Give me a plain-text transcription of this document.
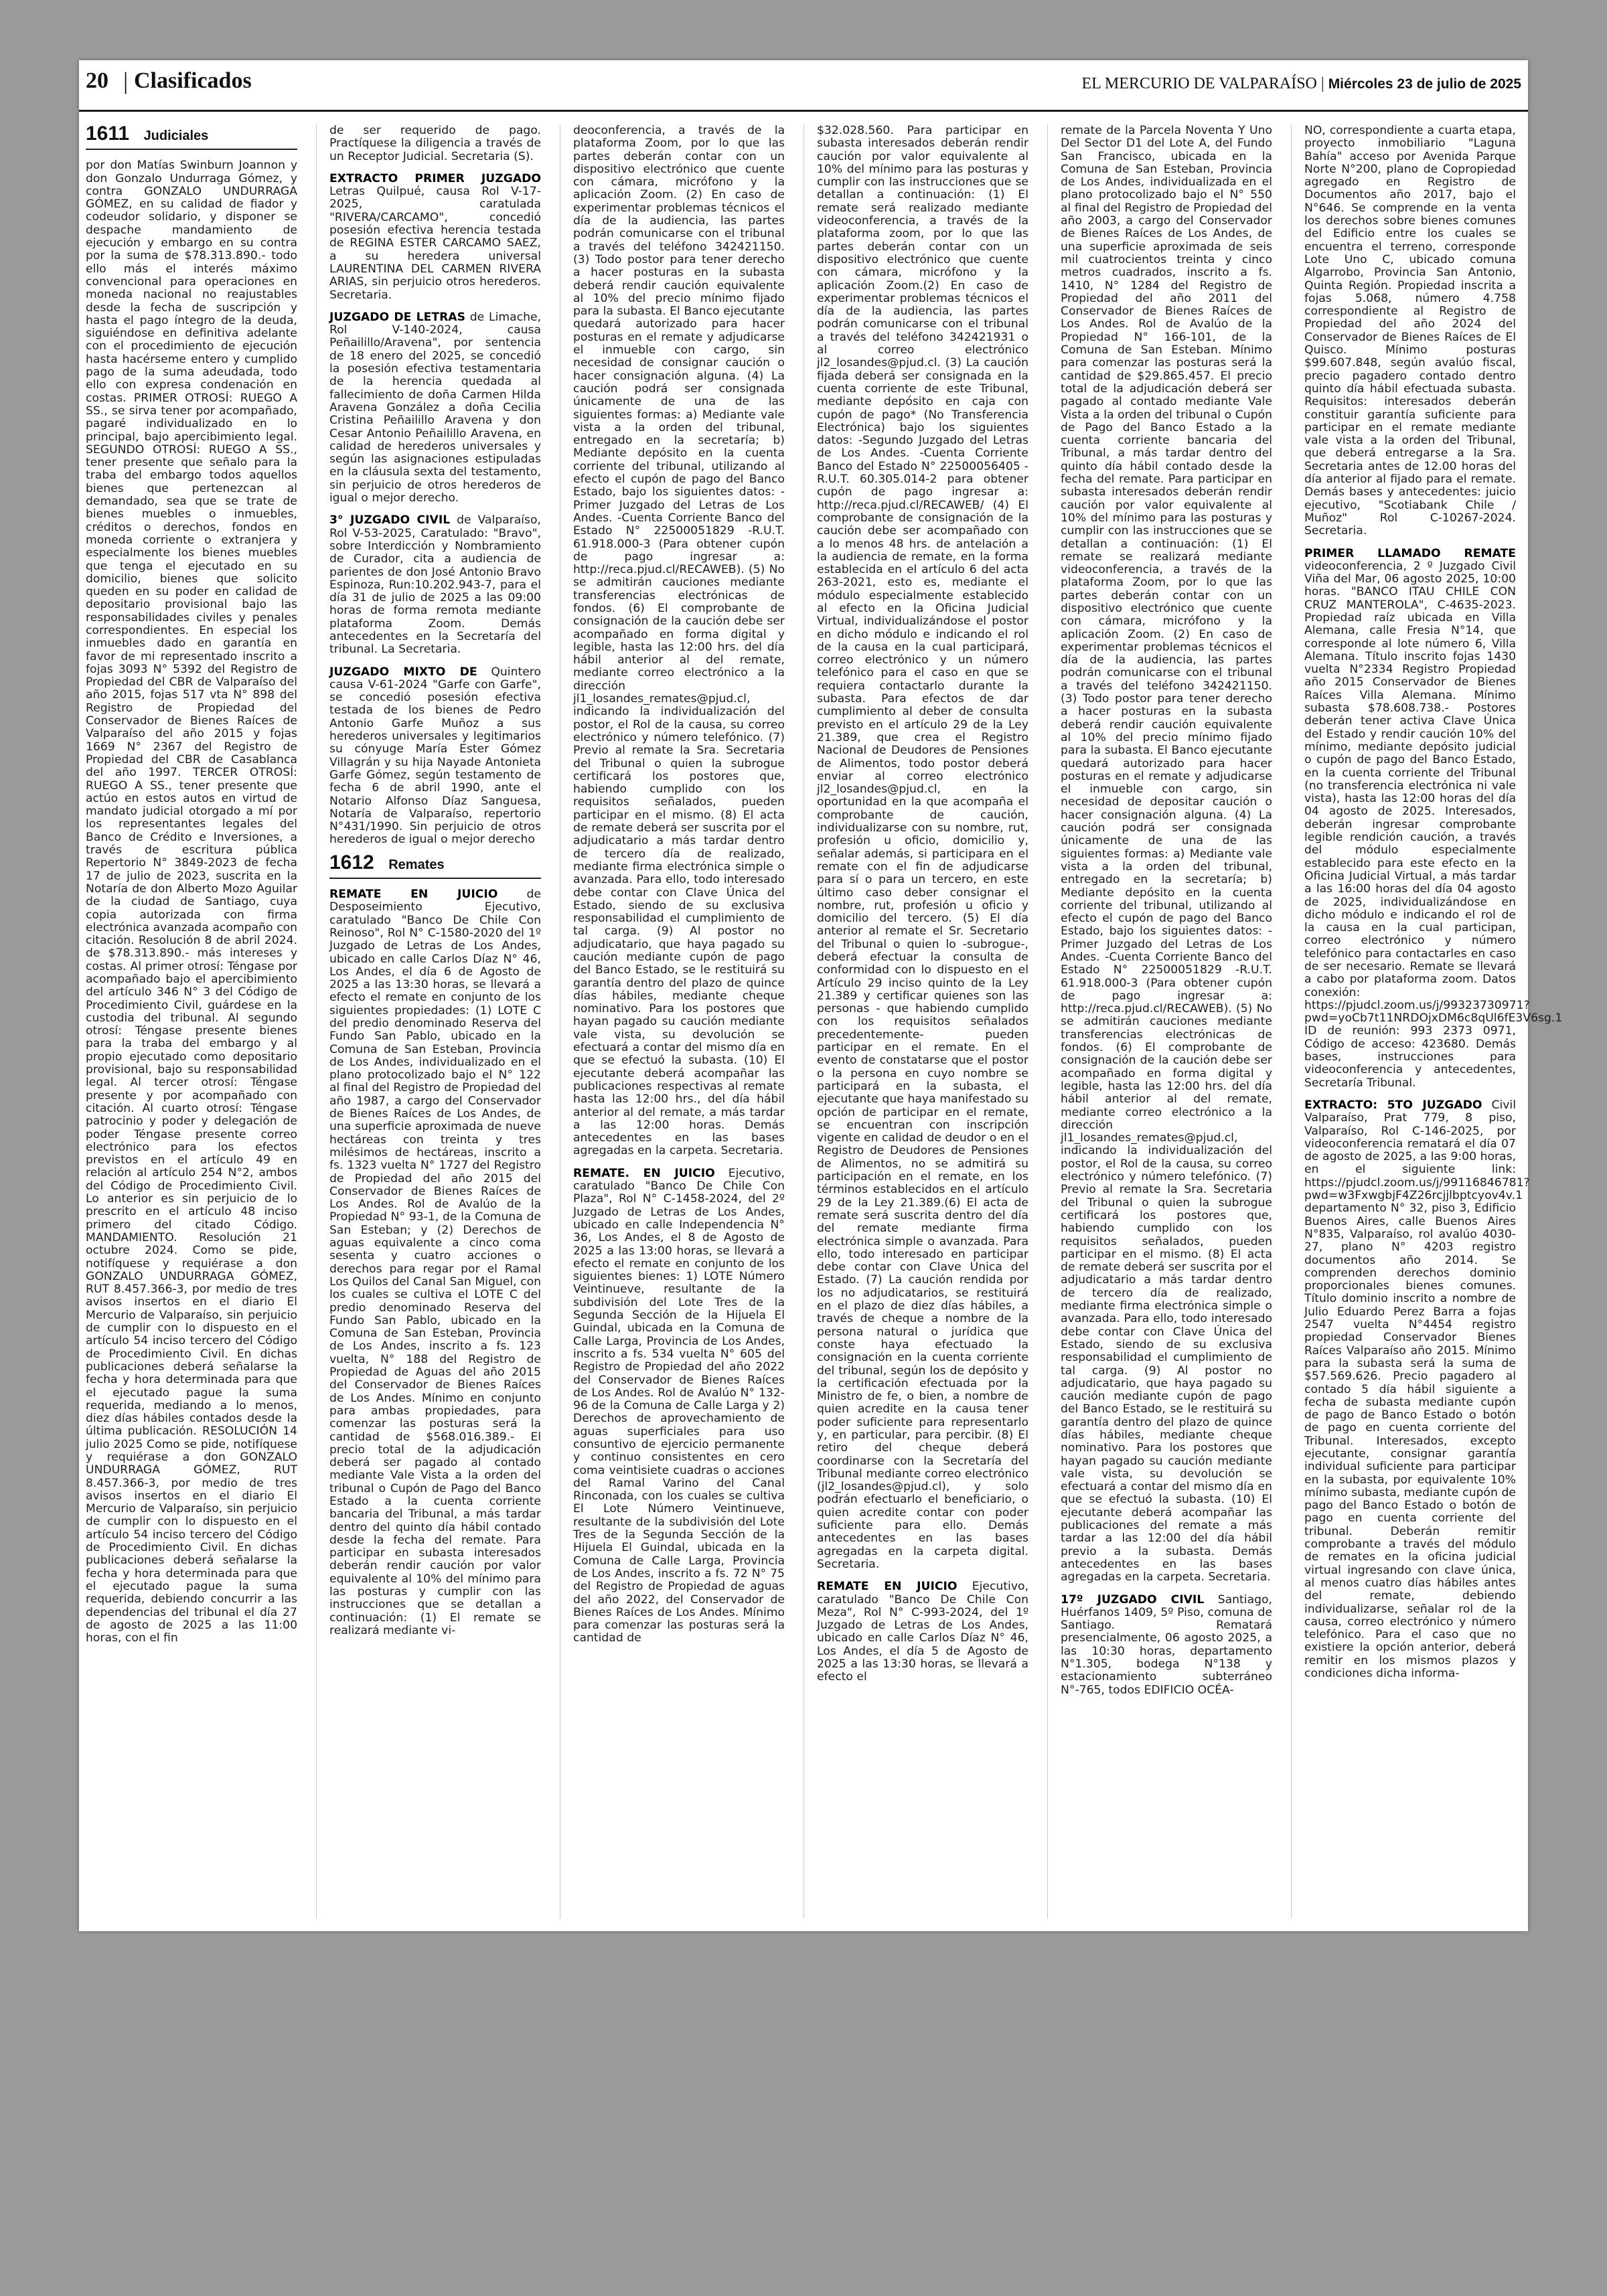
20 | Clasificados	EL MERCURIO DE VALPARAÍSO | Miércoles 23 de julio de 2025
1611 Judiciales

por don Matías Swinburn Joannon y don Gonzalo Undurraga Gómez, y contra GONZALO UNDURRAGA GÓMEZ, en su calidad de fiador y codeudor solidario, y disponer se despache mandamiento de ejecución y embargo en su contra por la suma de $78.313.890.- todo ello más el interés máximo convencional para operaciones en moneda nacional no reajustables desde la fecha de suscripción y hasta el pago íntegro de la deuda, siguiéndose en definitiva adelante con el procedimiento de ejecución hasta hacérseme entero y cumplido pago de la suma adeudada, todo ello con expresa condenación en costas. PRIMER OTROSÍ: RUEGO A SS., se sirva tener por acompañado, pagaré individualizado en lo principal, bajo apercibimiento legal. SEGUNDO OTROSÍ: RUEGO A SS., tener presente que señalo para la traba del embargo todos aquellos bienes que pertenezcan al demandado, sea que se trate de bienes muebles o inmuebles, créditos o derechos, fondos en moneda corriente o extranjera y especialmente los bienes muebles que tenga el ejecutado en su domicilio, bienes que solicito queden en su poder en calidad de depositario provisional bajo las responsabilidades civiles y penales correspondientes. En especial los inmuebles dado en garantía en favor de mi representado inscrito a fojas 3093 N° 5392 del Registro de Propiedad del CBR de Valparaíso del año 2015, fojas 517 vta N° 898 del Registro de Propiedad del Conservador de Bienes Raíces de Valparaíso del año 2015 y fojas 1669 N° 2367 del Registro de Propiedad del CBR de Casablanca del año 1997. TERCER OTROSÍ: RUEGO A SS., tener presente que actúo en estos autos en virtud de mandato judicial otorgado a mí por los representantes legales del Banco de Crédito e Inversiones, a través de escritura pública Repertorio N° 3849-2023 de fecha 17 de julio de 2023, suscrita en la Notaría de don Alberto Mozo Aguilar de la ciudad de Santiago, cuya copia autorizada con firma electrónica avanzada acompaño con citación. Resolución 8 de abril 2024. de $78.313.890.- más intereses y costas. Al primer otrosí: Téngase por acompañado bajo el apercibimiento del artículo 346 N° 3 del Código de Procedimiento Civil, guárdese en la custodia del tribunal. Al segundo otrosí: Téngase presente bienes para la traba del embargo y al propio ejecutado como depositario provisional, bajo su responsabilidad legal. Al tercer otrosí: Téngase presente y por acompañado con citación. Al cuarto otrosí: Téngase patrocinio y poder y delegación de poder Téngase presente correo electrónico para los efectos previstos en el artículo 49 en relación al artículo 254 N°2, ambos del Código de Procedimiento Civil. Lo anterior es sin perjuicio de lo prescrito en el artículo 48 inciso primero del citado Código. MANDAMIENTO. Resolución 21 octubre 2024. Como se pide, notifíquese y requiérase a don GONZALO UNDURRAGA GÓMEZ, RUT 8.457.366-3, por medio de tres avisos insertos en el diario El Mercurio de Valparaíso, sin perjuicio de cumplir con lo dispuesto en el artículo 54 inciso tercero del Código de Procedimiento Civil. En dichas publicaciones deberá señalarse la fecha y hora determinada para que el ejecutado pague la suma requerida, mediando a lo menos, diez días hábiles contados desde la última publicación. RESOLUCIÓN 14 julio 2025 Como se pide, notifíquese y requiérase a don GONZALO UNDURRAGA GÓMEZ, RUT 8.457.366-3, por medio de tres avisos insertos en el diario El Mercurio de Valparaíso, sin perjuicio de cumplir con lo dispuesto en el artículo 54 inciso tercero del Código de Procedimiento Civil. En dichas publicaciones deberá señalarse la fecha y hora determinada para que el ejecutado pague la suma requerida, debiendo concurrir a las dependencias del tribunal el día 27 de agosto de 2025 a las 11:00 horas, con el fin

de ser requerido de pago. Practíquese la diligencia a través de un Receptor Judicial. Secretaria (S).

EXTRACTO PRIMER JUZGADO Letras Quilpué, causa Rol V-17-2025, caratulada "RIVERA/CARCAMO", concedió posesión efectiva herencia testada de REGINA ESTER CARCAMO SAEZ, a su heredera universal LAURENTINA DEL CARMEN RIVERA ARIAS, sin perjuicio otros herederos. Secretaria.

JUZGADO DE LETRAS de Limache, Rol V-140-2024, causa Peñailillo/Aravena", por sentencia de 18 enero del 2025, se concedió la posesión efectiva testamentaria de la herencia quedada al fallecimiento de doña Carmen Hilda Aravena González a doña Cecilia Cristina Peñailillo Aravena y don Cesar Antonio Peñailillo Aravena, en calidad de herederos universales y según las asignaciones estipuladas en la cláusula sexta del testamento, sin perjuicio de otros herederos de igual o mejor derecho.

3° JUZGADO CIVIL de Valparaíso, Rol V-53-2025, Caratulado: "Bravo", sobre Interdicción y Nombramiento de Curador, cita a audiencia de parientes de don José Antonio Bravo Espinoza, Run:10.202.943-7, para el día 31 de julio de 2025 a las 09:00 horas de forma remota mediante plataforma Zoom. Demás antecedentes en la Secretaría del tribunal. La Secretaria.

JUZGADO MIXTO DE Quintero causa V-61-2024 "Garfe con Garfe", se concedió posesión efectiva testada de los bienes de Pedro Antonio Garfe Muñoz a sus herederos universales y legitimarios su cónyuge María Ester Gómez Villagrán y su hija Nayade Antonieta Garfe Gómez, según testamento de fecha 6 de abril 1990, ante el Notario Alfonso Díaz Sanguesa, Notaría de Valparaíso, repertorio N°431/1990. Sin perjuicio de otros herederos de igual o mejor derecho

1612 Remates

REMATE EN JUICIO de Desposeimiento Ejecutivo, caratulado "Banco De Chile Con Reinoso", Rol N° C-1580-2020 del 1º Juzgado de Letras de Los Andes, ubicado en calle Carlos Díaz N° 46, Los Andes, el día 6 de Agosto de 2025 a las 13:30 horas, se llevará a efecto el remate en conjunto de los siguientes propiedades: (1) LOTE C del predio denominado Reserva del Fundo San Pablo, ubicado en la Comuna de San Esteban, Provincia de Los Andes, individualizado en el plano protocolizado bajo el N° 122 al final del Registro de Propiedad del año 1987, a cargo del Conservador de Bienes Raíces de Los Andes, de una superficie aproximada de nueve hectáreas con treinta y tres milésimos de hectáreas, inscrito a fs. 1323 vuelta N° 1727 del Registro de Propiedad del año 2015 del Conservador de Bienes Raíces de Los Andes. Rol de Avalúo de la Propiedad N° 93-1, de la Comuna de San Esteban; y (2) Derechos de aguas equivalente a cinco coma sesenta y cuatro acciones o derechos para regar por el Ramal Los Quilos del Canal San Miguel, con los cuales se cultiva el LOTE C del predio denominado Reserva del Fundo San Pablo, ubicado en la Comuna de San Esteban, Provincia de Los Andes, inscrito a fs. 123 vuelta, N° 188 del Registro de Propiedad de Aguas del año 2015 del Conservador de Bienes Raíces de Los Andes. Mínimo en conjunto para ambas propiedades, para comenzar las posturas será la cantidad de $568.016.389.- El precio total de la adjudicación deberá ser pagado al contado mediante Vale Vista a la orden del tribunal o Cupón de Pago del Banco Estado a la cuenta corriente bancaria del Tribunal, a más tardar dentro del quinto día hábil contado desde la fecha del remate. Para participar en subasta interesados deberán rendir caución por valor equivalente al 10% del mínimo para las posturas y cumplir con las instrucciones que se detallan a continuación: (1) El remate se realizará mediante vi-

deoconferencia, a través de la plataforma Zoom, por lo que las partes deberán contar con un dispositivo electrónico que cuente con cámara, micrófono y la aplicación Zoom. (2) En caso de experimentar problemas técnicos el día de la audiencia, las partes podrán comunicarse con el tribunal a través del teléfono 342421150. (3) Todo postor para tener derecho a hacer posturas en la subasta deberá rendir caución equivalente al 10% del precio mínimo fijado para la subasta. El Banco ejecutante quedará autorizado para hacer posturas en el remate y adjudicarse el inmueble con cargo, sin necesidad de consignar caución o hacer consignación alguna. (4) La caución podrá ser consignada únicamente de una de las siguientes formas: a) Mediante vale vista a la orden del tribunal, entregado en la secretaría; b) Mediante depósito en la cuenta corriente del tribunal, utilizando al efecto el cupón de pago del Banco Estado, bajo los siguientes datos: -Primer Juzgado del Letras de Los Andes. -Cuenta Corriente Banco del Estado N° 22500051829 -R.U.T. 61.918.000-3 (Para obtener cupón de pago ingresar a: http://reca.pjud.cl/RECAWEB). (5) No se admitirán cauciones mediante transferencias electrónicas de fondos. (6) El comprobante de consignación de la caución debe ser acompañado en forma digital y legible, hasta las 12:00 hrs. del día hábil anterior al del remate, mediante correo electrónico a la dirección jl1_losandes_remates@pjud.cl, indicando la individualización del postor, el Rol de la causa, su correo electrónico y número telefónico. (7) Previo al remate la Sra. Secretaria del Tribunal o quien la subrogue certificará los postores que, habiendo cumplido con los requisitos señalados, pueden participar en el mismo. (8) El acta de remate deberá ser suscrita por el adjudicatario a más tardar dentro de tercero día de realizado, mediante firma electrónica simple o avanzada. Para ello, todo interesado debe contar con Clave Única del Estado, siendo de su exclusiva responsabilidad el cumplimiento de tal carga. (9) Al postor no adjudicatario, que haya pagado su caución mediante cupón de pago del Banco Estado, se le restituirá su garantía dentro del plazo de quince días hábiles, mediante cheque nominativo. Para los postores que hayan pagado su caución mediante vale vista, su devolución se efectuará a contar del mismo día en que se efectuó la subasta. (10) El ejecutante deberá acompañar las publicaciones respectivas al remate hasta las 12:00 hrs., del día hábil anterior al del remate, a más tardar a las 12:00 horas. Demás antecedentes en las bases agregadas en la carpeta. Secretaria.

REMATE. EN JUICIO Ejecutivo, caratulado "Banco De Chile Con Plaza", Rol N° C-1458-2024, del 2º Juzgado de Letras de Los Andes, ubicado en calle Independencia N° 36, Los Andes, el 8 de Agosto de 2025 a las 13:00 horas, se llevará a efecto el remate en conjunto de los siguientes bienes: 1) LOTE Número Veintinueve, resultante de la subdivisión del Lote Tres de la Segunda Sección de la Hijuela El Guindal, ubicada en la Comuna de Calle Larga, Provincia de Los Andes, inscrito a fs. 534 vuelta N° 605 del Registro de Propiedad del año 2022 del Conservador de Bienes Raíces de Los Andes. Rol de Avalúo N° 132-96 de la Comuna de Calle Larga y 2) Derechos de aprovechamiento de aguas superficiales para uso consuntivo de ejercicio permanente y continuo consistentes en cero coma veintisiete cuadras o acciones del Ramal Varino del Canal Rinconada, con los cuales se cultiva El Lote Número Veintinueve, resultante de la subdivisión del Lote Tres de la Segunda Sección de la Hijuela El Guindal, ubicada en la Comuna de Calle Larga, Provincia de Los Andes, inscrito a fs. 72 N° 75 del Registro de Propiedad de aguas del año 2022, del Conservador de Bienes Raíces de Los Andes. Mínimo para comenzar las posturas será la cantidad de

$32.028.560. Para participar en subasta interesados deberán rendir caución por valor equivalente al 10% del mínimo para las posturas y cumplir con las instrucciones que se detallan a continuación: (1) El remate será realizado mediante videoconferencia, a través de la plataforma zoom, por lo que las partes deberán contar con un dispositivo electrónico que cuente con cámara, micrófono y la aplicación Zoom.(2) En caso de experimentar problemas técnicos el día de la audiencia, las partes podrán comunicarse con el tribunal a través del teléfono 342421931 o al correo electrónico jl2_losandes@pjud.cl. (3) La caución fijada deberá ser consignada en la cuenta corriente de este Tribunal, mediante depósito en caja con cupón de pago* (No Transferencia Electrónica) bajo los siguientes datos: -Segundo Juzgado del Letras de Los Andes. -Cuenta Corriente Banco del Estado N° 22500056405 -R.U.T. 60.305.014-2 para obtener cupón de pago ingresar a: http://reca.pjud.cl/RECAWEB/ (4) El comprobante de consignación de la caución debe ser acompañado con a lo menos 48 hrs. de antelación a la audiencia de remate, en la forma establecida en el artículo 6 del acta 263-2021, esto es, mediante el módulo especialmente establecido al efecto en la Oficina Judicial Virtual, individualizándose el postor en dicho módulo e indicando el rol de la causa en la cual participará, correo electrónico y un número telefónico para el caso en que se requiera contactarlo durante la subasta. Para efectos de dar cumplimiento al deber de consulta previsto en el artículo 29 de la Ley 21.389, que crea el Registro Nacional de Deudores de Pensiones de Alimentos, todo postor deberá enviar al correo electrónico jl2_losandes@pjud.cl, en la oportunidad en la que acompaña el comprobante de caución, individualizarse con su nombre, rut, profesión u oficio, domicilio y, señalar además, si participara en el remate con el fin de adjudicarse para sí o para un tercero, en este último caso deber consignar el nombre, rut, profesión u oficio y domicilio del tercero. (5) El día anterior al remate el Sr. Secretario del Tribunal o quien lo -subrogue-, deberá efectuar la consulta de conformidad con lo dispuesto en el Artículo 29 inciso quinto de la Ley 21.389 y certificar quienes son las personas - que habiendo cumplido con los requisitos señalados precedentemente- pueden participar en el remate. En el evento de constatarse que el postor o la persona en cuyo nombre se participará en la subasta, el ejecutante que haya manifestado su opción de participar en el remate, se encuentran con inscripción vigente en calidad de deudor o en el Registro de Deudores de Pensiones de Alimentos, no se admitirá su participación en el remate, en los términos establecidos en el artículo 29 de la Ley 21.389.(6) El acta de remate será suscrita dentro del día del remate mediante firma electrónica simple o avanzada. Para ello, todo interesado en participar debe contar con Clave Única del Estado. (7) La caución rendida por los no adjudicatarios, se restituirá en el plazo de diez días hábiles, a través de cheque a nombre de la persona natural o jurídica que conste haya efectuado la consignación en la cuenta corriente del tribunal, según los de depósito y la certificación efectuada por la Ministro de fe, o bien, a nombre de quien acredite en la causa tener poder suficiente para representarlo y, en particular, para percibir. (8) El retiro del cheque deberá coordinarse con la Secretaría del Tribunal mediante correo electrónico (jl2_losandes@pjud.cl), y solo podrán efectuarlo el beneficiario, o quien acredite contar con poder suficiente para ello. Demás antecedentes en las bases agregadas en la carpeta digital. Secretaria.

REMATE EN JUICIO Ejecutivo, caratulado "Banco De Chile Con Meza", Rol N° C-993-2024, del 1º Juzgado de Letras de Los Andes, ubicado en calle Carlos Díaz N° 46, Los Andes, el día 5 de Agosto de 2025 a las 13:30 horas, se llevará a efecto el

remate de la Parcela Noventa Y Uno Del Sector D1 del Lote A, del Fundo San Francisco, ubicada en la Comuna de San Esteban, Provincia de Los Andes, individualizada en el plano protocolizado bajo el N° 550 al final del Registro de Propiedad del año 2003, a cargo del Conservador de Bienes Raíces de Los Andes, de una superficie aproximada de seis mil cuatrocientos treinta y cinco metros cuadrados, inscrito a fs. 1410, N° 1284 del Registro de Propiedad del año 2011 del Conservador de Bienes Raíces de Los Andes. Rol de Avalúo de la Propiedad N° 166-101, de la Comuna de San Esteban. Mínimo para comenzar las posturas será la cantidad de $29.865.457. El precio total de la adjudicación deberá ser pagado al contado mediante Vale Vista a la orden del tribunal o Cupón de Pago del Banco Estado a la cuenta corriente bancaria del Tribunal, a más tardar dentro del quinto día hábil contado desde la fecha del remate. Para participar en subasta interesados deberán rendir caución por valor equivalente al 10% del mínimo para las posturas y cumplir con las instrucciones que se detallan a continuación: (1) El remate se realizará mediante videoconferencia, a través de la plataforma Zoom, por lo que las partes deberán contar con un dispositivo electrónico que cuente con cámara, micrófono y la aplicación Zoom. (2) En caso de experimentar problemas técnicos el día de la audiencia, las partes podrán comunicarse con el tribunal a través del teléfono 342421150. (3) Todo postor para tener derecho a hacer posturas en la subasta deberá rendir caución equivalente al 10% del precio mínimo fijado para la subasta. El Banco ejecutante quedará autorizado para hacer posturas en el remate y adjudicarse el inmueble con cargo, sin necesidad de depositar caución o hacer consignación alguna. (4) La caución podrá ser consignada únicamente de una de las siguientes formas: a) Mediante vale vista a la orden del tribunal, entregado en la secretaría; b) Mediante depósito en la cuenta corriente del tribunal, utilizando al efecto el cupón de pago del Banco Estado, bajo los siguientes datos: -Primer Juzgado del Letras de Los Andes. -Cuenta Corriente Banco del Estado N° 22500051829 -R.U.T. 61.918.000-3 (Para obtener cupón de pago ingresar a: http://reca.pjud.cl/RECAWEB). (5) No se admitirán cauciones mediante transferencias electrónicas de fondos. (6) El comprobante de consignación de la caución debe ser acompañado en forma digital y legible, hasta las 12:00 hrs. del día hábil anterior al del remate, mediante correo electrónico a la dirección jl1_losandes_remates@pjud.cl, indicando la individualización del postor, el Rol de la causa, su correo electrónico y número telefónico. (7) Previo al remate la Sra. Secretaria del Tribunal o quien la subrogue certificará los postores que, habiendo cumplido con los requisitos señalados, pueden participar en el mismo. (8) El acta de remate deberá ser suscrita por el adjudicatario a más tardar dentro de tercero día de realizado, mediante firma electrónica simple o avanzada. Para ello, todo interesado debe contar con Clave Única del Estado, siendo de su exclusiva responsabilidad el cumplimiento de tal carga. (9) Al postor no adjudicatario, que haya pagado su caución mediante cupón de pago del Banco Estado, se le restituirá su garantía dentro del plazo de quince días hábiles, mediante cheque nominativo. Para los postores que hayan pagado su caución mediante vale vista, su devolución se efectuará a contar del mismo día en que se efectuó la subasta. (10) El ejecutante deberá acompañar las publicaciones del remate a más tardar a las 12:00 del día hábil previo a la subasta. Demás antecedentes en las bases agregadas en la carpeta. Secretaria.

17º JUZGADO CIVIL Santiago, Huérfanos 1409, 5º Piso, comuna de Santiago. Rematará presencialmente, 06 agosto 2025, a las 10:30 horas, departamento N°1.305, bodega N°138 y estacionamiento subterráneo N°-765, todos EDIFICIO OCÉA-

NO, correspondiente a cuarta etapa, proyecto inmobiliario "Laguna Bahía" acceso por Avenida Parque Norte N°200, plano de Copropiedad agregado en Registro de Documentos año 2017, bajo el N°646. Se comprende en la venta los derechos sobre bienes comunes del Edificio entre los cuales se encuentra el terreno, corresponde Lote Uno C, ubicado comuna Algarrobo, Provincia San Antonio, Quinta Región. Propiedad inscrita a fojas 5.068, número 4.758 correspondiente al Registro de Propiedad del año 2024 del Conservador de Bienes Raíces de El Quisco. Mínimo posturas $99.607.848, según avalúo fiscal, precio pagadero contado dentro quinto día hábil efectuada subasta. Requisitos: interesados deberán constituir garantía suficiente para participar en el remate mediante vale vista a la orden del Tribunal, que deberá entregarse a la Sra. Secretaria antes de 12.00 horas del día anterior al fijado para el remate. Demás bases y antecedentes: juicio ejecutivo, "Scotiabank Chile / Muñoz" Rol C-10267-2024. Secretaria.

PRIMER LLAMADO REMATE videoconferencia, 2 º Juzgado Civil Viña del Mar, 06 agosto 2025, 10:00 horas. "BANCO ITAU CHILE CON CRUZ MANTEROLA", C-4635-2023. Propiedad raíz ubicada en Villa Alemana, calle Fresia N°14, que corresponde al lote número 6, Villa Alemana. Título inscrito fojas 1430 vuelta N°2334 Registro Propiedad año 2015 Conservador de Bienes Raíces Villa Alemana. Mínimo subasta $78.608.738.- Postores deberán tener activa Clave Única del Estado y rendir caución 10% del mínimo, mediante depósito judicial o cupón de pago del Banco Estado, en la cuenta corriente del Tribunal (no transferencia electrónica ni vale vista), hasta las 12:00 horas del día 04 agosto de 2025. Interesados, deberán ingresar comprobante legible rendición caución, a través del módulo especialmente establecido para este efecto en la Oficina Judicial Virtual, a más tardar a las 16:00 horas del día 04 agosto de 2025, individualizándose en dicho módulo e indicando el rol de la causa en la cual participan, correo electrónico y número telefónico para contactarles en caso de ser necesario. Remate se llevará a cabo por plataforma zoom. Datos conexión: https://pjudcl.zoom.us/j/99323730971?pwd=yoCb7t11NRDOjxDM6c8qUl6fE3V6sg.1 ID de reunión: 993 2373 0971, Código de acceso: 423680. Demás bases, instrucciones para videoconferencia y antecedentes, Secretaría Tribunal.

EXTRACTO: 5TO JUZGADO Civil Valparaíso, Prat 779, 8 piso, Valparaíso, Rol C-146-2025, por videoconferencia rematará el día 07 de agosto de 2025, a las 9:00 horas, en el siguiente link: https://pjudcl.zoom.us/j/99116846781?pwd=w3FxwgbjF4Z26rcjjlbptcyov4v.1 departamento N° 32, piso 3, Edificio Buenos Aires, calle Buenos Aires N°835, Valparaíso, rol avalúo 4030-27, plano N° 4203 registro documentos año 2014. Se comprenden derechos dominio proporcionales bienes comunes. Título dominio inscrito a nombre de Julio Eduardo Perez Barra a fojas 2547 vuelta N°4454 registro propiedad Conservador Bienes Raíces Valparaíso año 2015. Mínimo para la subasta será la suma de $57.569.626. Precio pagadero al contado 5 día hábil siguiente a fecha de subasta mediante cupón de pago de Banco Estado o botón de pago en cuenta corriente del Tribunal. Interesados, excepto ejecutante, consignar garantía individual suficiente para participar en la subasta, por equivalente 10% mínimo subasta, mediante cupón de pago del Banco Estado o botón de pago en cuenta corriente del tribunal. Deberán remitir comprobante a través del módulo de remates en la oficina judicial virtual ingresando con clave única, al menos cuatro días hábiles antes del remate, debiendo individualizarse, señalar rol de la causa, correo electrónico y número telefónico. Para el caso que no existiere la opción anterior, deberá remitir en los mismos plazos y condiciones dicha informa-
